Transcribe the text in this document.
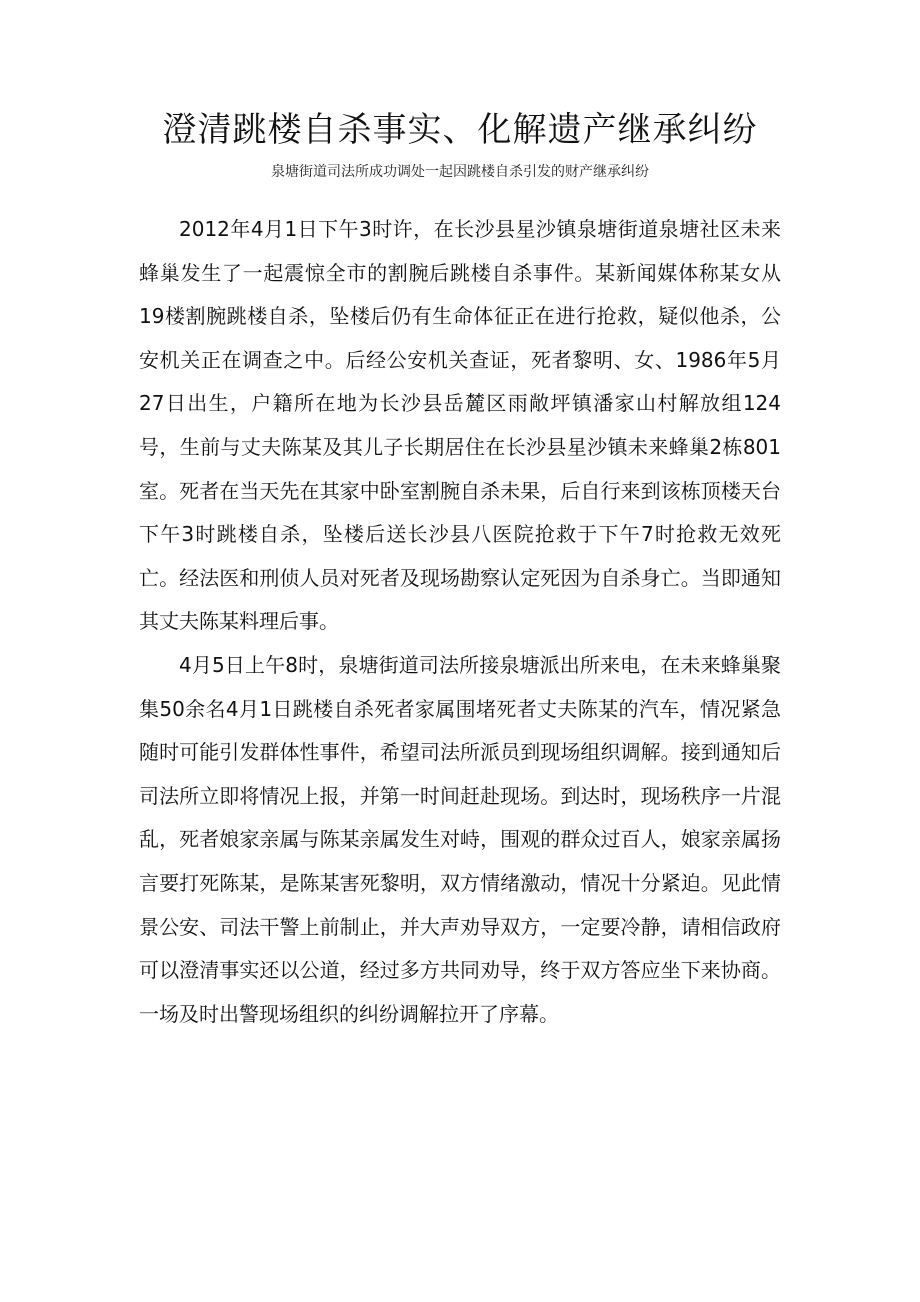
澄清跳楼自杀事实、化解遗产继承纠纷
泉塘街道司法所成功调处一起因跳楼自杀引发的财产继承纠纷

2012年4月1日下午3时许，在长沙县星沙镇泉塘街道泉塘社区未来蜂巢发生了一起震惊全市的割腕后跳楼自杀事件。某新闻媒体称某女从19楼割腕跳楼自杀，坠楼后仍有生命体征正在进行抢救，疑似他杀，公安机关正在调查之中。后经公安机关查证，死者黎明、女、1986年5月27日出生，户籍所在地为长沙县岳麓区雨敞坪镇潘家山村解放组124号，生前与丈夫陈某及其儿子长期居住在长沙县星沙镇未来蜂巢2栋801室。死者在当天先在其家中卧室割腕自杀未果，后自行来到该栋顶楼天台下午3时跳楼自杀，坠楼后送长沙县八医院抢救于下午7时抢救无效死亡。经法医和刑侦人员对死者及现场勘察认定死因为自杀身亡。当即通知其丈夫陈某料理后事。

4月5日上午8时，泉塘街道司法所接泉塘派出所来电，在未来蜂巢聚集50余名4月1日跳楼自杀死者家属围堵死者丈夫陈某的汽车，情况紧急随时可能引发群体性事件，希望司法所派员到现场组织调解。接到通知后司法所立即将情况上报，并第一时间赶赴现场。到达时，现场秩序一片混乱，死者娘家亲属与陈某亲属发生对峙，围观的群众过百人，娘家亲属扬言要打死陈某，是陈某害死黎明，双方情绪激动，情况十分紧迫。见此情景公安、司法干警上前制止，并大声劝导双方，一定要冷静，请相信政府可以澄清事实还以公道，经过多方共同劝导，终于双方答应坐下来协商。一场及时出警现场组织的纠纷调解拉开了序幕。
